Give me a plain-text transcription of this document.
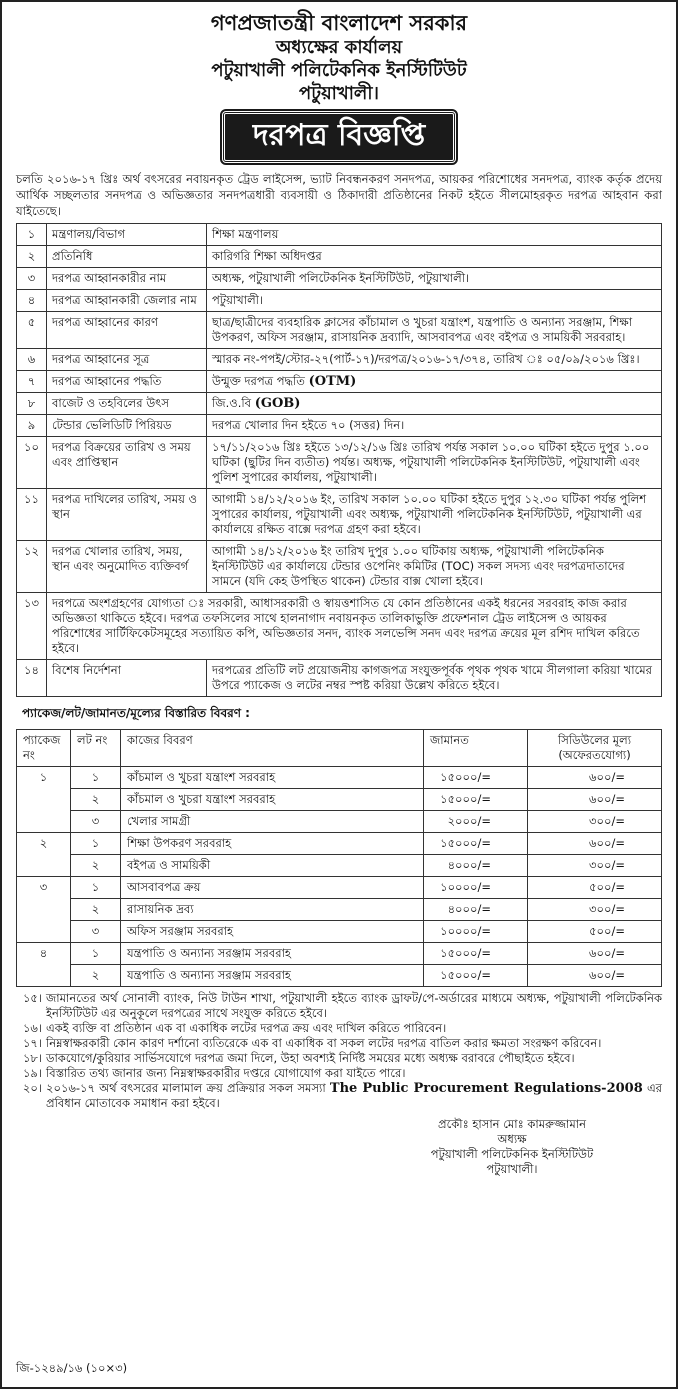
গণপ্রজাতন্ত্রী বাংলাদেশ সরকার
অধ্যক্ষের কার্যালয়
পটুয়াখালী পলিটেকনিক ইনস্টিটিউট
পটুয়াখালী।
দরপত্র বিজ্ঞপ্তি

চলতি ২০১৬-১৭ খ্রিঃ অর্থ বৎসরের নবায়নকৃত ট্রেড লাইসেন্স, ভ্যাট নিবন্ধনকরণ সনদপত্র, আয়কর পরিশোধের সনদপত্র, ব্যাংক কর্তৃক প্রদেয় আর্থিক সচ্ছলতার সনদপত্র ও অভিজ্ঞতার সনদপত্রধারী ব্যবসায়ী ও ঠিকাদারী প্রতিষ্ঠানের নিকট হইতে সীলমোহরকৃত দরপত্র আহবান করা যাইতেছে।

১	মন্ত্রণালয়/বিভাগ	শিক্ষা মন্ত্রণালয়
২	প্রতিনিধি	কারিগরি শিক্ষা অধিদপ্তর
৩	দরপত্র আহ্বানকারীর নাম	অধ্যক্ষ, পটুয়াখালী পলিটেকনিক ইনস্টিটিউট, পটুয়াখালী।
৪	দরপত্র আহ্বানকারী জেলার নাম	পটুয়াখালী।
৫	দরপত্র আহ্বানের কারণ	ছাত্র/ছাত্রীদের ব্যবহারিক ক্লাসের কাঁচামাল ও খুচরা যন্ত্রাংশ, যন্ত্রপাতি ও অন্যান্য সরঞ্জাম, শিক্ষা উপকরণ, অফিস সরঞ্জাম, রাসায়নিক দ্রব্যাদি, আসবাবপত্র এবং বইপত্র ও সাময়িকী সরবরাহ।
৬	দরপত্র আহ্বানের সূত্র	স্মারক নং-পপই/স্টোর-২৭(পার্ট-১৭)/দরপত্র/২০১৬-১৭/৩৭৪, তারিখ ঃ ০৫/০৯/২০১৬ খ্রিঃ।
৭	দরপত্র আহ্বানের পদ্ধতি	উন্মুক্ত দরপত্র পদ্ধতি (OTM)
৮	বাজেট ও তহবিলের উৎস	জি.ও.বি (GOB)
৯	টেন্ডার ভেলিডিটি পিরিয়ড	দরপত্র খোলার দিন হইতে ৭০ (সত্তর) দিন।
১০	দরপত্র বিক্রয়ের তারিখ ও সময় এবং প্রাপ্তিস্থান	১৭/১১/২০১৬ খ্রিঃ হইতে ১৩/১২/১৬ খ্রিঃ তারিখ পর্যন্ত সকাল ১০.০০ ঘটিকা হইতে দুপুর ১.০০ ঘটিকা (ছুটির দিন ব্যতীত) পর্যন্ত। অধ্যক্ষ, পটুয়াখালী পলিটেকনিক ইনস্টিটিউট, পটুয়াখালী এবং পুলিশ সুপারের কার্যালয়, পটুয়াখালী।
১১	দরপত্র দাখিলের তারিখ, সময় ও স্থান	আগামী ১৪/১২/২০১৬ ইং, তারিখ সকাল ১০.০০ ঘটিকা হইতে দুপুর ১২.৩০ ঘটিকা পর্যন্ত পুলিশ সুপারের কার্যালয়, পটুয়াখালী এবং অধ্যক্ষ, পটুয়াখালী পলিটেকনিক ইনস্টিটিউট, পটুয়াখালী এর কার্যালয়ে রক্ষিত বাক্সে দরপত্র গ্রহণ করা হইবে।
১২	দরপত্র খোলার তারিখ, সময়, স্থান এবং অনুমোদিত ব্যক্তিবর্গ	আগামী ১৪/১২/২০১৬ ইং তারিখ দুপুর ১.০০ ঘটিকায় অধ্যক্ষ, পটুয়াখালী পলিটেকনিক ইনস্টিটিউট এর কার্যালয়ে টেন্ডার ওপেনিং কমিটির (TOC) সকল সদস্য এবং দরপত্রদাতাদের সামনে (যদি কেহ উপস্থিত থাকেন) টেন্ডার বাক্স খোলা হইবে।
১৩	দরপত্রে অংশগ্রহণের যোগ্যতা ঃ সরকারী, আধাসরকারী ও স্বায়ত্তশাসিত যে কোন প্রতিষ্ঠানের একই ধরনের সরবরাহ কাজ করার অভিজ্ঞতা থাকিতে হইবে। দরপত্র তফসিলের সাথে হালনাগাদ নবায়নকৃত তালিকাভুক্তি প্রফেশনাল ট্রেড লাইসেন্স ও আয়কর পরিশোধের সার্টিফিকেটসমূহের সত্যায়িত কপি, অভিজ্ঞতার সনদ, ব্যাংক সলভেন্সি সনদ এবং দরপত্র ক্রয়ের মূল রশিদ দাখিল করিতে হইবে।	
১৪	বিশেষ নির্দেশনা	দরপত্রের প্রতিটি লট প্রয়োজনীয় কাগজপত্র সংযুক্তপূর্বক পৃথক পৃথক খামে সীলগালা করিয়া খামের উপরে প্যাকেজ ও লটের নম্বর স্পষ্ট করিয়া উল্লেখ করিতে হইবে।
প্যাকেজ/লট/জামানত/মূল্যের বিস্তারিত বিবরণ :
প্যাকেজ নং	লট নং	কাজের বিবরণ	জামানত	সিডিউলের মূল্য (অফেরতযোগ্য)
১	১	কাঁচমাল ও খুচরা যন্ত্রাংশ সরবরাহ	১৫০০০/=	৬০০/=
	২	কাঁচমাল ও খুচরা যন্ত্রাংশ সরবরাহ	১৫০০০/=	৬০০/=
	৩	খেলার সামগ্রী	২০০০/=	৩০০/=
২	১	শিক্ষা উপকরণ সরবরাহ	১৫০০০/=	৬০০/=
	২	বইপত্র ও সাময়িকী	৪০০০/=	৩০০/=
৩	১	আসবাবপত্র ক্রয়	১০০০০/=	৫০০/=
	২	রাসায়নিক দ্রব্য	৪০০০/=	৩০০/=
	৩	অফিস সরঞ্জাম সরবরাহ	১০০০০/=	৫০০/=
৪	১	যন্ত্রপাতি ও অন্যান্য সরঞ্জাম সরবরাহ	১৫০০০/=	৬০০/=
	২	যন্ত্রপাতি ও অন্যান্য সরঞ্জাম সরবরাহ	১৫০০০/=	৬০০/=
১৫। জামানতের অর্থ সোনালী ব্যাংক, নিউ টাউন শাখা, পটুয়াখালী হইতে ব্যাংক ড্রাফট/পে-অর্ডারের মাধ্যমে অধ্যক্ষ, পটুয়াখালী পলিটেকনিক ইনস্টিটিউট এর অনুকূলে দরপত্রের সাথে সংযুক্ত করিতে হইবে।
১৬। একই ব্যক্তি বা প্রতিষ্ঠান এক বা একাধিক লটের দরপত্র ক্রয় এবং দাখিল করিতে পারিবেন।
১৭। নিম্নস্বাক্ষরকারী কোন কারণ দর্শানো ব্যতিরেকে এক বা একাধিক বা সকল লটের দরপত্র বাতিল করার ক্ষমতা সংরক্ষণ করিবেন।
১৮। ডাকযোগে/কুরিয়ার সার্ভিসযোগে দরপত্র জমা দিলে, উহা অবশ্যই নির্দিষ্ট সময়ের মধ্যে অধ্যক্ষ বরাবরে পৌছাইতে হইবে।
১৯। বিস্তারিত তথ্য জানার জন্য নিম্নস্বাক্ষরকারীর দপ্তরে যোগাযোগ করা যাইতে পারে।
২০। ২০১৬-১৭ অর্থ বৎসরের মালামাল ক্রয় প্রক্রিয়ার সকল সমস্যা The Public Procurement Regulations-2008 এর প্রবিধান মোতাবেক সমাধান করা হইবে।
প্রকৌঃ হাসান মোঃ কামরুজ্জামান
অধ্যক্ষ
পটুয়াখালী পলিটেকনিক ইনস্টিটিউট
পটুয়াখালী।
জি-১২৪৯/১৬ (১০×৩)
